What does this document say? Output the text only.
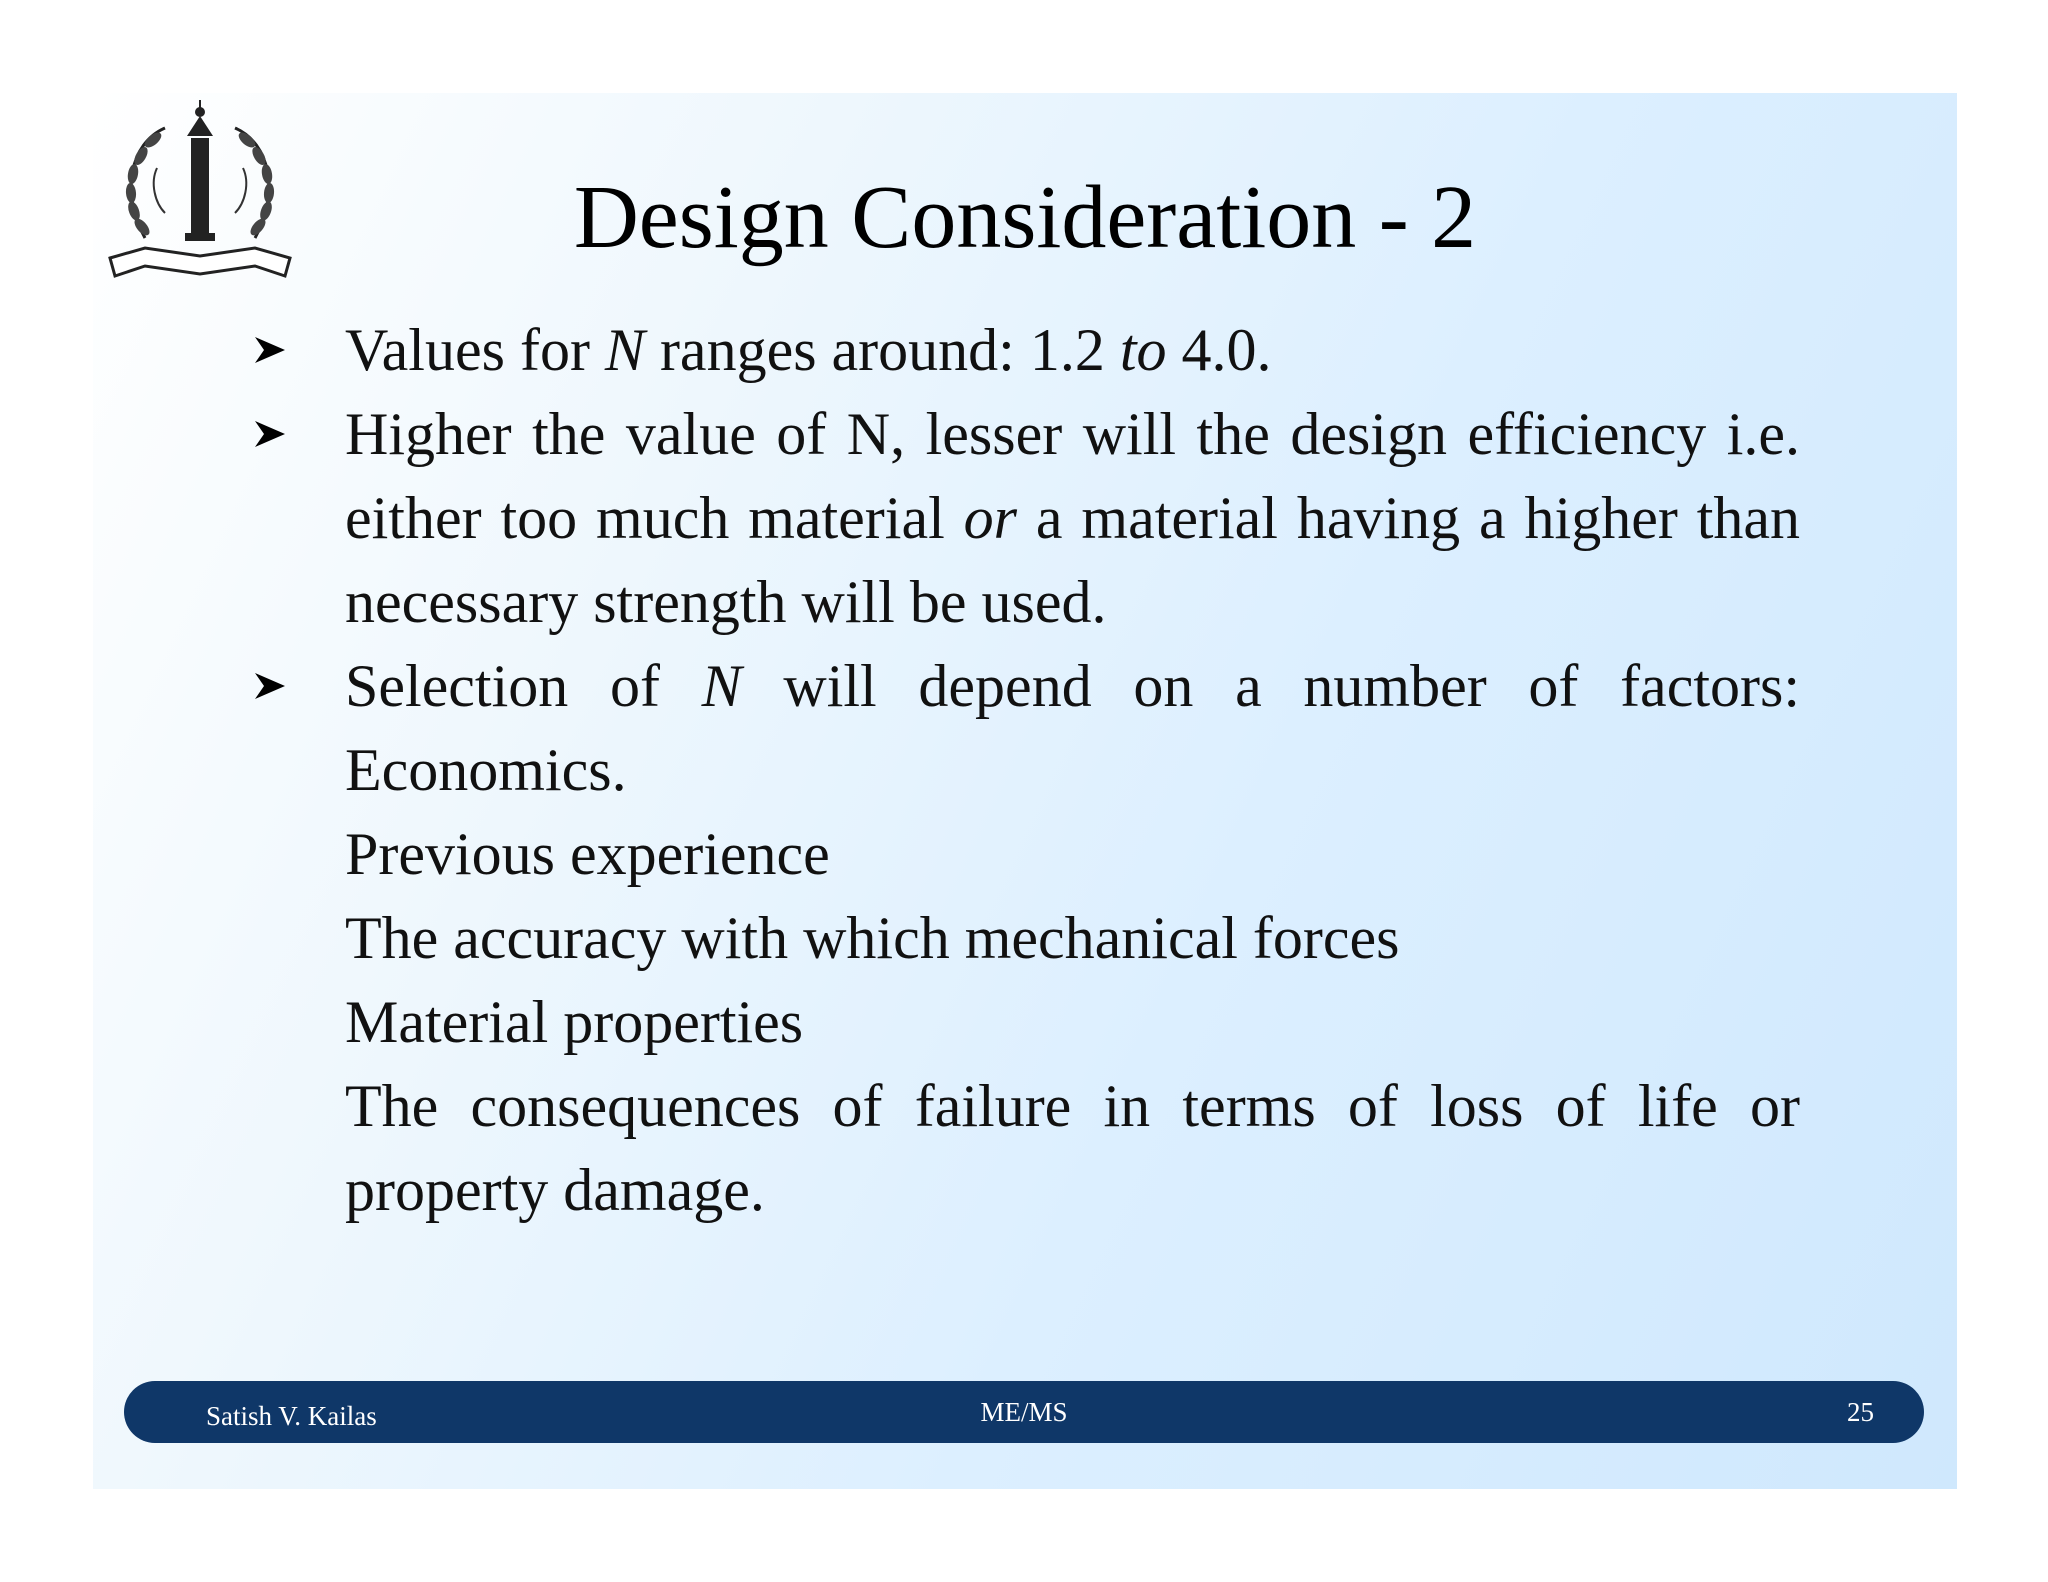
Design Consideration - 2
Values for N ranges around: 1.2 to 4.0.
Higher the value of N, lesser will the design efficiency i.e. either too much material or a material having a higher than necessary strength will be used.
Selection of N will depend on a number of factors: Economics.
Previous experience
The accuracy with which mechanical forces
Material properties
The consequences of failure in terms of loss of life or property damage.
Satish V. Kailas	ME/MS	25
